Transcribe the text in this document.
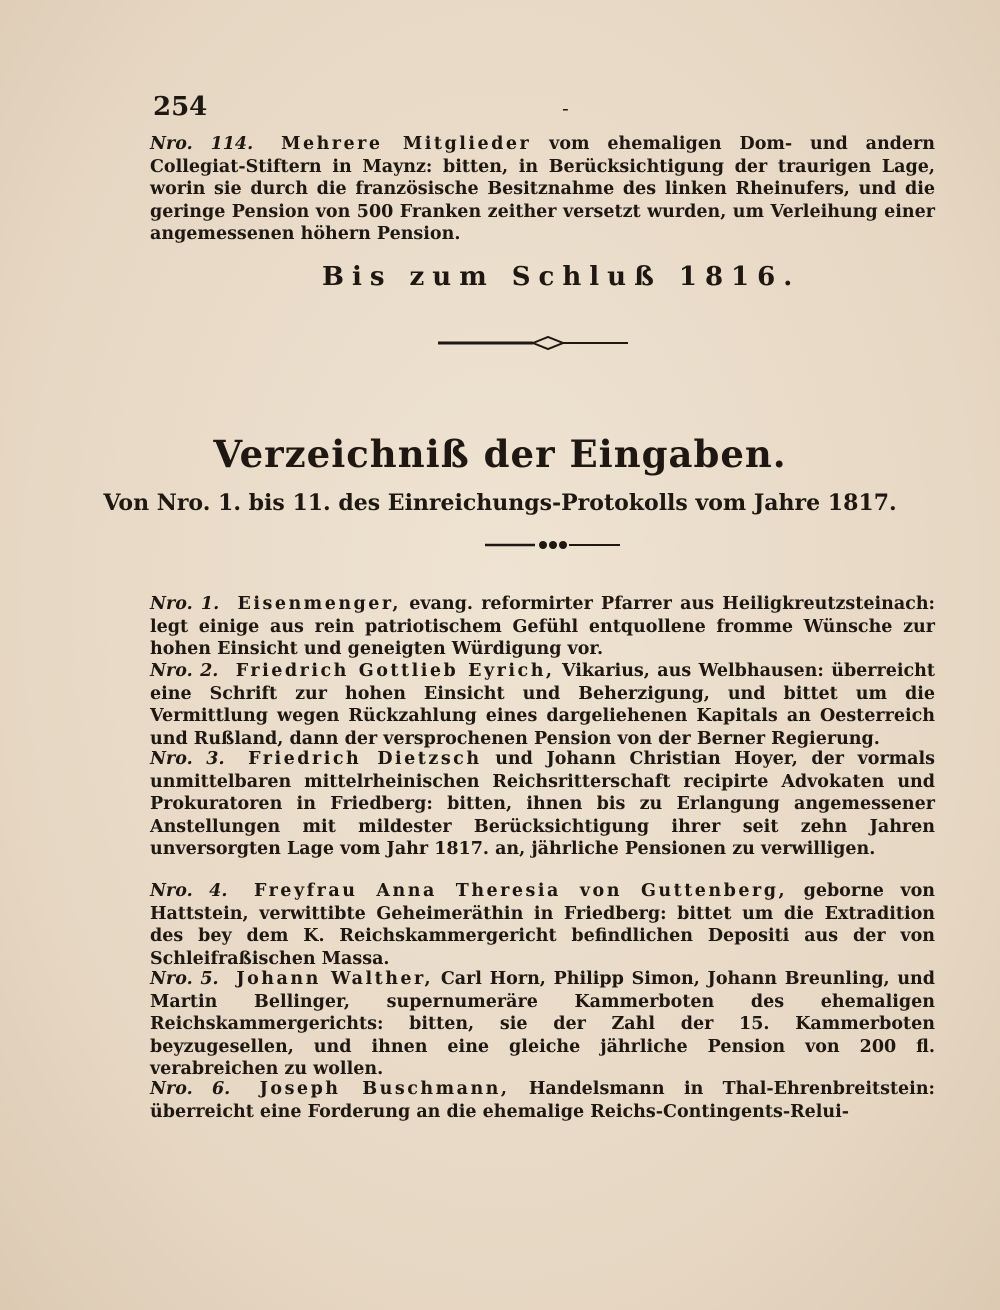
254	-
Nro. 114. Mehrere Mitglieder vom ehemaligen Dom- und andern Collegiat-Stiftern in Maynz: bitten, in Berücksichtigung der traurigen Lage, worin sie durch die französische Besitznahme des linken Rheinufers, und die geringe Pension von 500 Franken zeither versetzt wurden, um Verleihung einer angemessenen höhern Pension.
Bis zum Schluß 1816.
Verzeichniß der Eingaben.
Von Nro. 1. bis 11. des Einreichungs-Protokolls vom Jahre 1817.
Nro. 1. Eisenmenger, evang. reformirter Pfarrer aus Heiligkreutzsteinach: legt einige aus rein patriotischem Gefühl entquollene fromme Wünsche zur hohen Einsicht und geneigten Würdigung vor.
Nro. 2. Friedrich Gottlieb Eyrich, Vikarius, aus Welbhausen: überreicht eine Schrift zur hohen Einsicht und Beherzigung, und bittet um die Vermittlung wegen Rückzahlung eines dargeliehenen Kapitals an Oesterreich und Rußland, dann der versprochenen Pension von der Berner Regierung.
Nro. 3. Friedrich Dietzsch und Johann Christian Hoyer, der vormals unmittelbaren mittelrheinischen Reichsritterschaft recipirte Advokaten und Prokuratoren in Friedberg: bitten, ihnen bis zu Erlangung angemessener Anstellungen mit mildester Berücksichtigung ihrer seit zehn Jahren unversorgten Lage vom Jahr 1817. an, jährliche Pensionen zu verwilligen.
Nro. 4. Freyfrau Anna Theresia von Guttenberg, geborne von Hattstein, verwittibte Geheimeräthin in Friedberg: bittet um die Extradition des bey dem K. Reichskammergericht befindlichen Depositi aus der von Schleifraßischen Massa.
Nro. 5. Johann Walther, Carl Horn, Philipp Simon, Johann Breunling, und Martin Bellinger, supernumeräre Kammerboten des ehemaligen Reichskammergerichts: bitten, sie der Zahl der 15. Kammerboten beyzugesellen, und ihnen eine gleiche jährliche Pension von 200 fl. verabreichen zu wollen.
Nro. 6. Joseph Buschmann, Handelsmann in Thal-Ehrenbreitstein: überreicht eine Forderung an die ehemalige Reichs-Contingents-Relui-
